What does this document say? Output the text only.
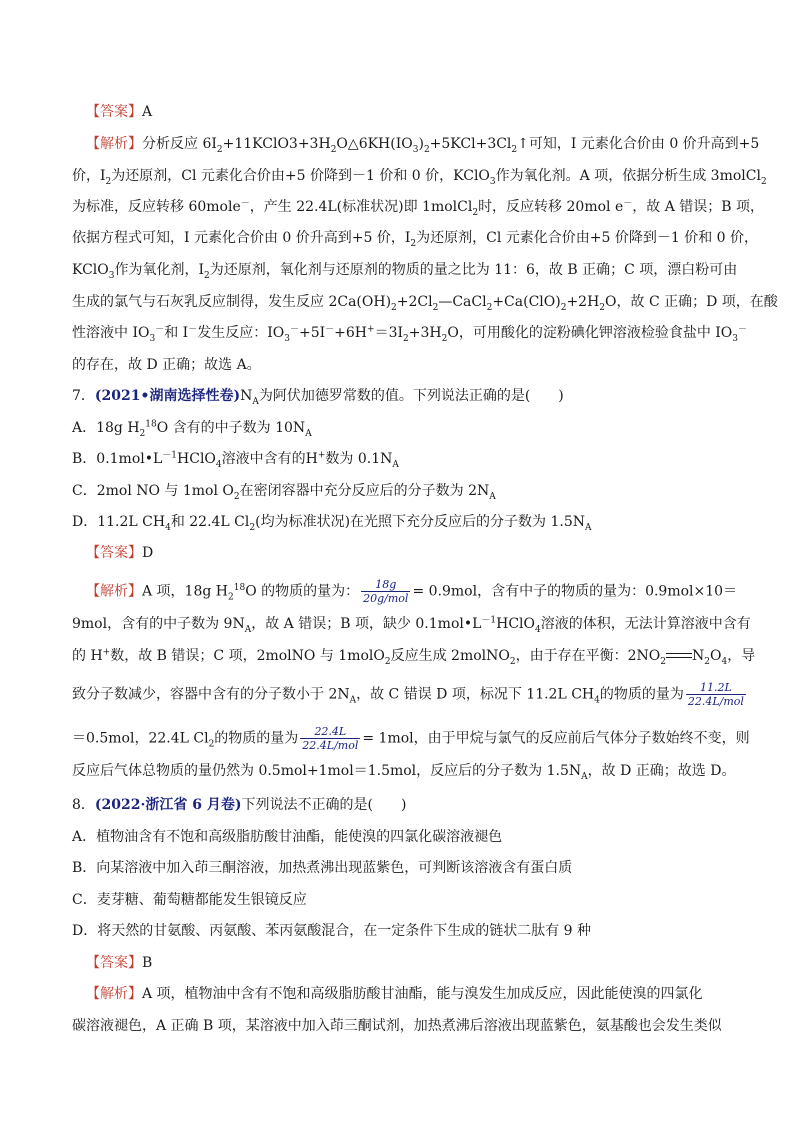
【答案】A
【解析】分析反应 $6I_2+11KClO3+3H_2O\triangle 6KH(IO_3)_2+5KCl+3Cl_2↑$可知，I 元素化合价由 0 价升高到+5
价，$I_2$为还原剂，Cl 元素化合价由+5 价降到－1 价和 0 价，KClO$_3$作为氧化剂。A 项，依据分析生成 3molCl$_2$
为标准，反应转移 60mole－，产生 22.4L(标准状况)即 1molCl$_2$时，反应转移 20mol e－，故 A 错误；B 项，
依据方程式可知，I 元素化合价由 0 价升高到+5 价，$I_2$为还原剂，Cl 元素化合价由+5 价降到－1 价和 0 价，
KClO$_3$作为氧化剂，$I_2$为还原剂，氧化剂与还原剂的物质的量之比为 11：6，故 B 正确；C 项，漂白粉可由
生成的氯气与石灰乳反应制得，发生反应 $2Ca(OH)_2+2Cl_2—CaCl_2+Ca(ClO)_2+2H_2O$，故 C 正确；D 项，在酸
性溶液中 $IO_3^-$和 I－发生反应：$IO_3^-+5I^-+6H^+=3I_2+3H_2O$，可用酸化的淀粉碘化钾溶液检验食盐中 $IO_3^-$
的存在，故 D 正确；故选 A。
7．(2021•湖南选择性卷)$N_A$为阿伏加德罗常数的值。下列说法正确的是(　　)
A．18g $H_2^{18}O$ 含有的中子数为 $10N_A$
B．$0.1mol•L^{-1}HClO_4$溶液中含有的H+数为 $0.1N_A$
C．2mol NO 与 1mol $O_2$在密闭容器中充分反应后的分子数为 $2N_A$
D．11.2L $CH_4$和 22.4L $Cl_2$(均为标准状况)在光照下充分反应后的分子数为 $1.5N_A$
【答案】D
【解析】A 项，18g $H_2^{18}O$ 的物质的量为： $\frac{18g}{\text{20g/mol}} = 0.9mol$，含有中子的物质的量为：0.9mol×10＝
9mol，含有的中子数为 $9N_A$，故 A 错误；B 项，缺少 $0.1mol•L^{-1}HClO_4$溶液的体积，无法计算溶液中含有
的 H+数，故 B 错误；C 项，2molNO 与 1molO$_2$反应生成 2molNO$_2$，由于存在平衡：$2NO_2$ $N_2O_4$，导
致分子数减少，容器中含有的分子数小于 $2N_A$，故 C 错误 D 项，标况下 11.2L $CH_4$的物质的量为 $\frac{11.2L}{\text{22.4L/mol}}$
＝0.5mol，22.4L $Cl_2$的物质的量为 $\frac{22.4L}{\text{22.4L/mol}} = 1mol$，由于甲烷与氯气的反应前后气体分子数始终不变，则
反应后气体总物质的量仍然为 0.5mol+1mol＝1.5mol，反应后的分子数为 $1.5N_A$，故 D 正确；故选 D。
8．(2022·浙江省 6 月卷)下列说法不正确的是(　　)
A．植物油含有不饱和高级脂肪酸甘油酯，能使溴的四氯化碳溶液褪色
B．向某溶液中加入茚三酮溶液，加热煮沸出现蓝紫色，可判断该溶液含有蛋白质
C．麦芽糖、葡萄糖都能发生银镜反应
D．将天然的甘氨酸、丙氨酸、苯丙氨酸混合，在一定条件下生成的链状二肽有 9 种
【答案】B
【解析】A 项，植物油中含有不饱和高级脂肪酸甘油酯，能与溴发生加成反应，因此能使溴的四氯化
碳溶液褪色，A 正确 B 项，某溶液中加入茚三酮试剂，加热煮沸后溶液出现蓝紫色，氨基酸也会发生类似
